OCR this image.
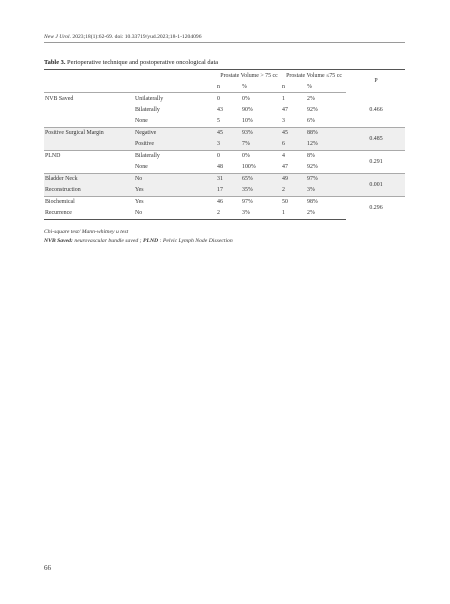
New J Urol. 2023;18(1):62-69. doi: 10.33719/yud.2023;18-1-1204096
Table 3. Perioperative technique and postoperative oncological data
		Prostate Volume > 75 cc		Prostate Volume ≤75 cc		P
		n	%	n	%	
NVB Saved	Unilaterally	0	0%	1	2%	0.466
	Bilaterally	43	90%	47	92%	
	None	5	10%	3	6%	
Positive Surgical Margin	Negative	45	93%	45	88%	0.485
	Positive	3	7%	6	12%	
PLND	Bilaterally	0	0%	4	8%	0.291
	None	48	100%	47	92%	
Bladder Neck	No	31	65%	49	97%	0.001
Reconstruction	Yes	17	35%	2	3%	
Biochemical	Yes	46	97%	50	98%	0.296
Recurrence	No	2	3%	1	2%	
Chi-square test/ Mann-whitney u test
NVB Saved: neurovascular bundle saved ; PLND : Pelvic Lymph Node Dissection
66
